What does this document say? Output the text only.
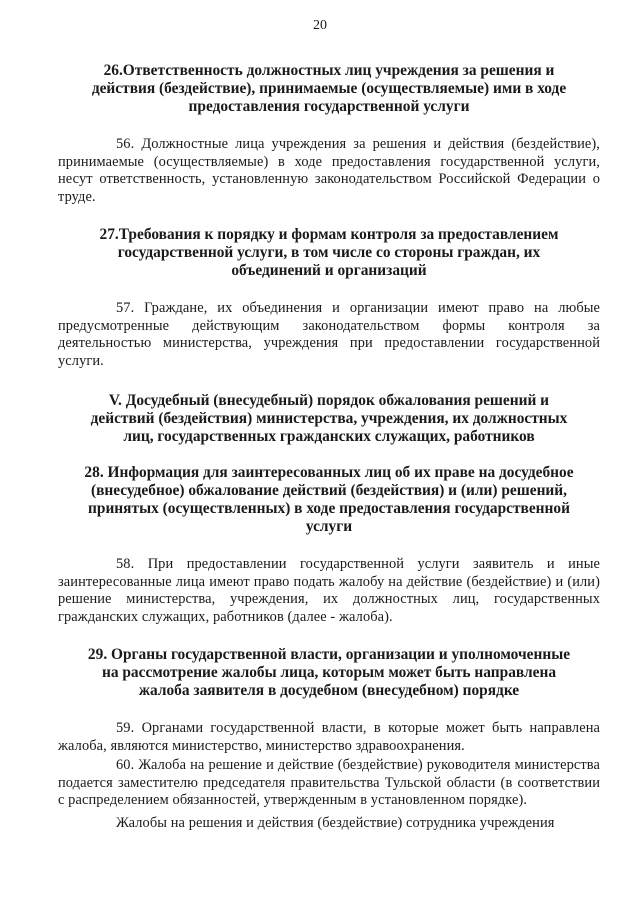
20

26.Ответственность должностных лиц учреждения за решения и действия (бездействие), принимаемые (осуществляемые) ими в ходе предоставления государственной услуги

56. Должностные лица учреждения за решения и действия (бездействие), принимаемые (осуществляемые) в ходе предоставления государственной услуги, несут ответственность, установленную законодательством Российской Федерации о труде.

27.Требования к порядку и формам контроля за предоставлением государственной услуги, в том числе со стороны граждан, их объединений и организаций

57. Граждане, их объединения и организации имеют право на любые предусмотренные действующим законодательством формы контроля за деятельностью министерства, учреждения при предоставлении государственной услуги.

V. Досудебный (внесудебный) порядок обжалования решений и действий (бездействия) министерства, учреждения, их должностных лиц, государственных гражданских служащих, работников

28. Информация для заинтересованных лиц об их праве на досудебное (внесудебное) обжалование действий (бездействия) и (или) решений, принятых (осуществленных) в ходе предоставления государственной услуги

58. При предоставлении государственной услуги заявитель и иные заинтересованные лица имеют право подать жалобу на действие (бездействие) и (или) решение министерства, учреждения, их должностных лиц, государственных гражданских служащих, работников (далее - жалоба).

29. Органы государственной власти, организации и уполномоченные на рассмотрение жалобы лица, которым может быть направлена жалоба заявителя в досудебном (внесудебном) порядке

59. Органами государственной власти, в которые может быть направлена жалоба, являются министерство, министерство здравоохранения.

60. Жалоба на решение и действие (бездействие) руководителя министерства подается заместителю председателя правительства Тульской области (в соответствии с распределением обязанностей, утвержденным в установленном порядке).

Жалобы на решения и действия (бездействие) сотрудника учреждения
